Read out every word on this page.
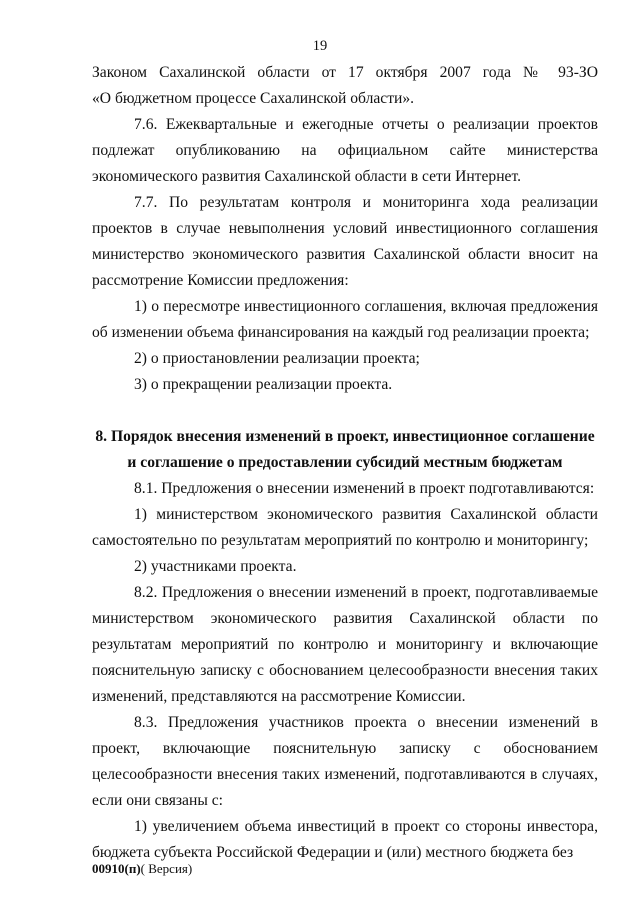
19

Законом Сахалинской области от 17 октября 2007 года № 93-ЗО
«О бюджетном процессе Сахалинской области».

7.6. Ежеквартальные и ежегодные отчеты о реализации проектов подлежат опубликованию на официальном сайте министерства экономического развития Сахалинской области в сети Интернет.

7.7. По результатам контроля и мониторинга хода реализации проектов в случае невыполнения условий инвестиционного соглашения министерство экономического развития Сахалинской области вносит на рассмотрение Комиссии предложения:

1) о пересмотре инвестиционного соглашения, включая предложения об изменении объема финансирования на каждый год реализации проекта;

2) о приостановлении реализации проекта;

3) о прекращении реализации проекта.

8. Порядок внесения изменений в проект, инвестиционное соглашение

и соглашение о предоставлении субсидий местным бюджетам

8.1. Предложения о внесении изменений в проект подготавливаются:

1) министерством экономического развития Сахалинской области самостоятельно по результатам мероприятий по контролю и мониторингу;

2) участниками проекта.

8.2. Предложения о внесении изменений в проект, подготавливаемые министерством экономического развития Сахалинской области по результатам мероприятий по контролю и мониторингу и включающие пояснительную записку с обоснованием целесообразности внесения таких изменений, представляются на рассмотрение Комиссии.

8.3. Предложения участников проекта о внесении изменений в проект, включающие пояснительную записку с обоснованием целесообразности внесения таких изменений, подготавливаются в случаях, если они связаны с:

1) увеличением объема инвестиций в проект со стороны инвестора, бюджета субъекта Российской Федерации и (или) местного бюджета без

00910(п)( Версия)
